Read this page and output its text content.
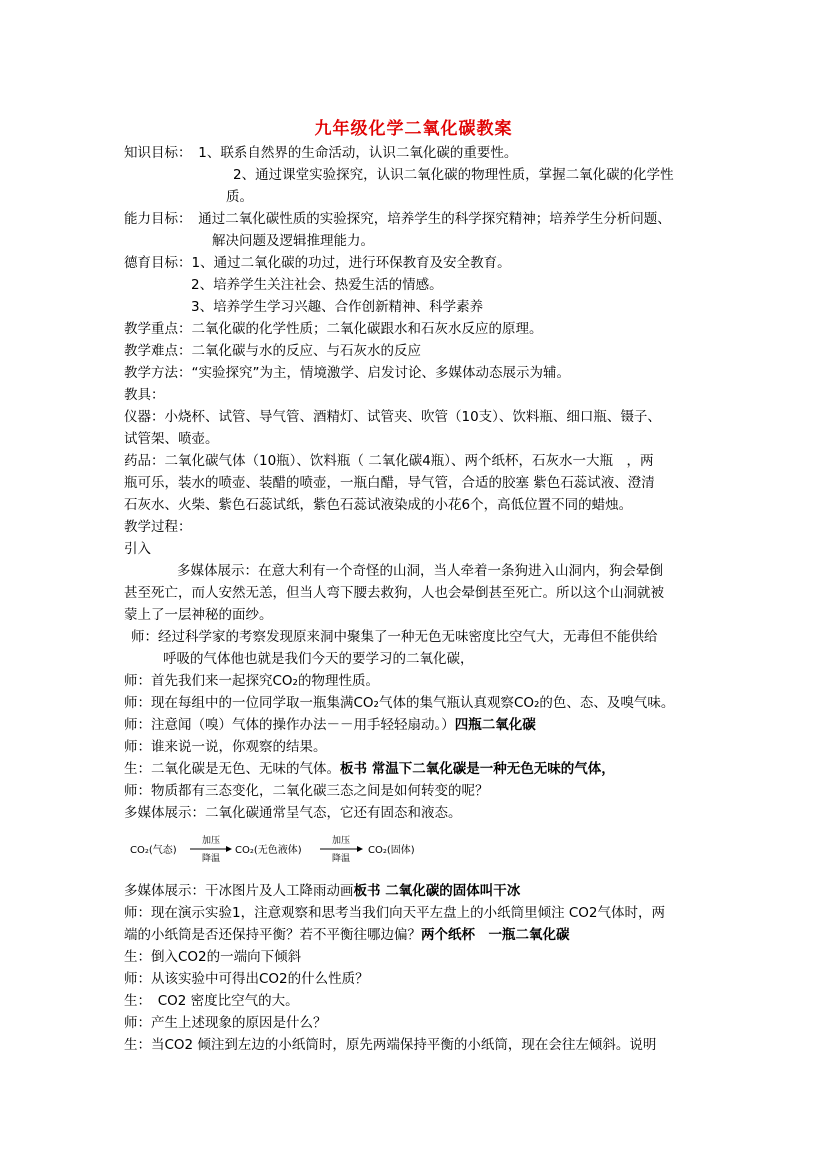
九年级化学二氧化碳教案
知识目标：　1、联系自然界的生命活动，认识二氧化碳的重要性。
2、通过课堂实验探究，认识二氧化碳的物理性质，掌握二氧化碳的化学性
质。
能力目标：　通过二氧化碳性质的实验探究，培养学生的科学探究精神；培养学生分析问题、
解决问题及逻辑推理能力。
德育目标：1、通过二氧化碳的功过，进行环保教育及安全教育。
2、培养学生关注社会、热爱生活的情感。
3、培养学生学习兴趣、合作创新精神、科学素养
教学重点：二氧化碳的化学性质；二氧化碳跟水和石灰水反应的原理。
教学难点：二氧化碳与水的反应、与石灰水的反应
教学方法：“实验探究”为主，情境激学、启发讨论、多媒体动态展示为辅。
教具：
仪器：小烧杯、试管、导气管、酒精灯、试管夹、吹管（10支）、饮料瓶、细口瓶、镊子、
试管架、喷壶。
药品：二氧化碳气体（10瓶）、饮料瓶（ 二氧化碳4瓶）、两个纸杯，石灰水一大瓶　，两
瓶可乐，装水的喷壶、装醋的喷壶，一瓶白醋，导气管，合适的胶塞 紫色石蕊试液、澄清
石灰水、火柴、紫色石蕊试纸，紫色石蕊试液染成的小花6个，高低位置不同的蜡烛。
教学过程：
引入
多媒体展示：在意大利有一个奇怪的山洞，当人牵着一条狗进入山洞内，狗会晕倒
甚至死亡，而人安然无恙，但当人弯下腰去救狗，人也会晕倒甚至死亡。所以这个山洞就被
蒙上了一层神秘的面纱。
师：经过科学家的考察发现原来洞中聚集了一种无色无味密度比空气大，无毒但不能供给
呼吸的气体他也就是我们今天的要学习的二氧化碳，
师：首先我们来一起探究CO₂的物理性质。
师：现在每组中的一位同学取一瓶集满CO₂气体的集气瓶认真观察CO₂的色、态、及嗅气味。
师：注意闻（嗅）气体的操作办法－－用手轻轻扇动。）四瓶二氧化碳
师：谁来说一说，你观察的结果。
生：二氧化碳是无色、无味的气体。板书 常温下二氧化碳是一种无色无味的气体，
师：物质都有三态变化，二氧化碳三态之间是如何转变的呢？
多媒体展示：二氧化碳通常呈气态，它还有固态和液态。
CO₂(气态)
加压
降温
CO₂(无色液体)
加压
降温
CO₂(固体)
多媒体展示：干冰图片及人工降雨动画板书 二氧化碳的固体叫干冰
师：现在演示实验1，注意观察和思考当我们向天平左盘上的小纸筒里倾注 CO2气体时，两
端的小纸筒是否还保持平衡？若不平衡往哪边偏？两个纸杯　一瓶二氧化碳
生：倒入CO2的一端向下倾斜
师：从该实验中可得出CO2的什么性质？
生：　CO2 密度比空气的大。
师：产生上述现象的原因是什么？
生：当CO2 倾注到左边的小纸筒时，原先两端保持平衡的小纸筒，现在会往左倾斜。说明
